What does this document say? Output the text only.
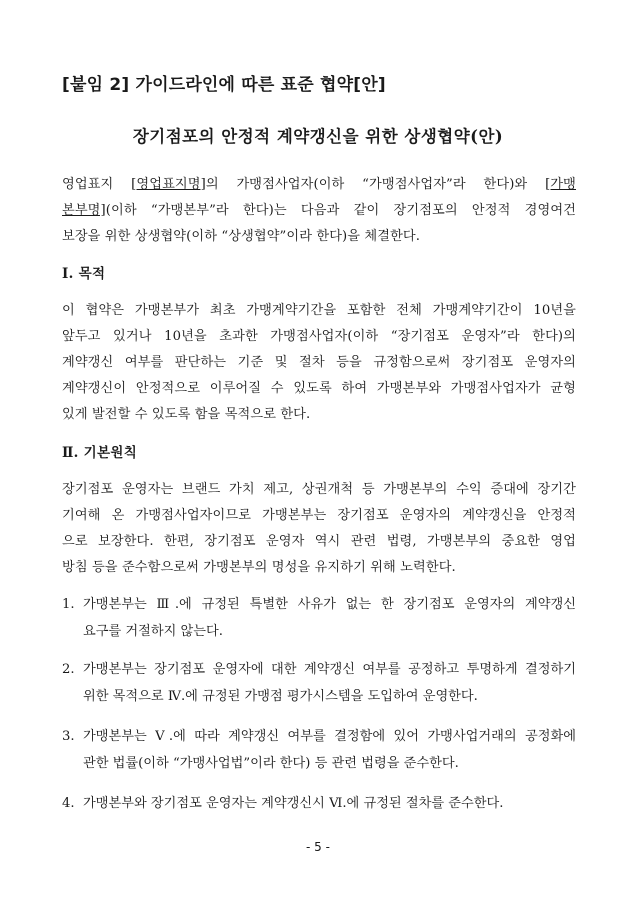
[붙임 2] 가이드라인에 따른 표준 협약[안]
장기점포의 안정적 계약갱신을 위한 상생협약(안)
영업표지 [영업표지명]의 가맹점사업자(이하 “가맹점사업자”라 한다)와 [가맹
본부명](이하 “가맹본부”라 한다)는 다음과 같이 장기점포의 안정적 경영여건
보장을 위한 상생협약(이하 “상생협약”이라 한다)을 체결한다.
Ⅰ. 목적
이 협약은 가맹본부가 최초 가맹계약기간을 포함한 전체 가맹계약기간이 10년을
앞두고 있거나 10년을 초과한 가맹점사업자(이하 “장기점포 운영자”라 한다)의
계약갱신 여부를 판단하는 기준 및 절차 등을 규정함으로써 장기점포 운영자의
계약갱신이 안정적으로 이루어질 수 있도록 하여 가맹본부와 가맹점사업자가 균형
있게 발전할 수 있도록 함을 목적으로 한다.
Ⅱ. 기본원칙
장기점포 운영자는 브랜드 가치 제고, 상권개척 등 가맹본부의 수익 증대에 장기간
기여해 온 가맹점사업자이므로 가맹본부는 장기점포 운영자의 계약갱신을 안정적
으로 보장한다. 한편, 장기점포 운영자 역시 관련 법령, 가맹본부의 중요한 영업
방침 등을 준수함으로써 가맹본부의 명성을 유지하기 위해 노력한다.
1. 가맹본부는 Ⅲ.에 규정된 특별한 사유가 없는 한 장기점포 운영자의 계약갱신
요구를 거절하지 않는다.
2. 가맹본부는 장기점포 운영자에 대한 계약갱신 여부를 공정하고 투명하게 결정하기
위한 목적으로 Ⅳ.에 규정된 가맹점 평가시스템을 도입하여 운영한다.
3. 가맹본부는 Ⅴ.에 따라 계약갱신 여부를 결정함에 있어 가맹사업거래의 공정화에
관한 법률(이하 “가맹사업법”이라 한다) 등 관련 법령을 준수한다.
4. 가맹본부와 장기점포 운영자는 계약갱신시 Ⅵ.에 규정된 절차를 준수한다.
- 5 -
